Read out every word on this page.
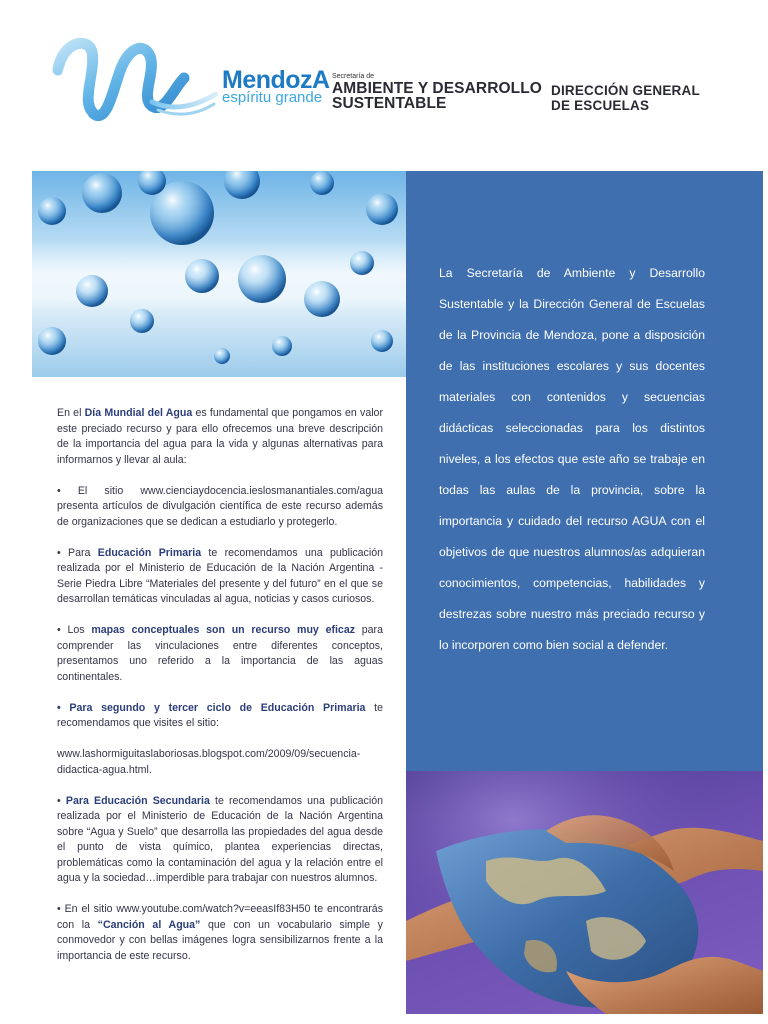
MendozA
espíritu grande
Secretaría de
AMBIENTE Y DESARROLLO
SUSTENTABLE
DIRECCIÓN GENERAL
DE ESCUELAS
La Secretaría de Ambiente y Desarrollo Sustentable y la Dirección General de Escuelas de la Provincia de Mendoza, pone a disposición de las instituciones escolares y sus docentes materiales con contenidos y secuencias didácticas seleccionadas para los distintos niveles, a los efectos que este año se trabaje en todas las aulas de la provincia, sobre la importancia y cuidado del recurso AGUA con el objetivos de que nuestros alumnos/as adquieran conocimientos, competencias, habilidades y destrezas sobre nuestro más preciado recurso y lo incorporen como bien social a defender.

En el Día Mundial del Agua es fundamental que pongamos en valor este preciado recurso y para ello ofrecemos una breve descripción de la importancia del agua para la vida y algunas alternativas para informarnos y llevar al aula:

• El sitio www.cienciaydocencia.ieslosmanantiales.com/agua presenta artículos de divulgación científica de este recurso además de organizaciones que se dedican a estudiarlo y protegerlo.

• Para Educación Primaria te recomendamos una publicación realizada por el Ministerio de Educación de la Nación Argentina - Serie Piedra Libre “Materiales del presente y del futuro” en el que se desarrollan temáticas vinculadas al agua, noticias y casos curiosos.

• Los mapas conceptuales son un recurso muy eficaz para comprender las vinculaciones entre diferentes conceptos, presentamos uno referido a la importancia de las aguas continentales.

• Para segundo y tercer ciclo de Educación Primaria te recomendamos que visites el sitio:

www.lashormiguitaslaboriosas.blogspot.com/2009/09/secuencia-didactica-agua.html.

• Para Educación Secundaria te recomendamos una publicación realizada por el Ministerio de Educación de la Nación Argentina sobre “Agua y Suelo” que desarrolla las propiedades del agua desde el punto de vista químico, plantea experiencias directas, problemáticas como la contaminación del agua y la relación entre el agua y la sociedad…imperdible para trabajar con nuestros alumnos.

• En el sitio www.youtube.com/watch?v=eeasIf83H50 te encontrarás con la “Canción al Agua” que con un vocabulario simple y conmovedor y con bellas imágenes logra sensibilizarnos frente a la importancia de este recurso.
